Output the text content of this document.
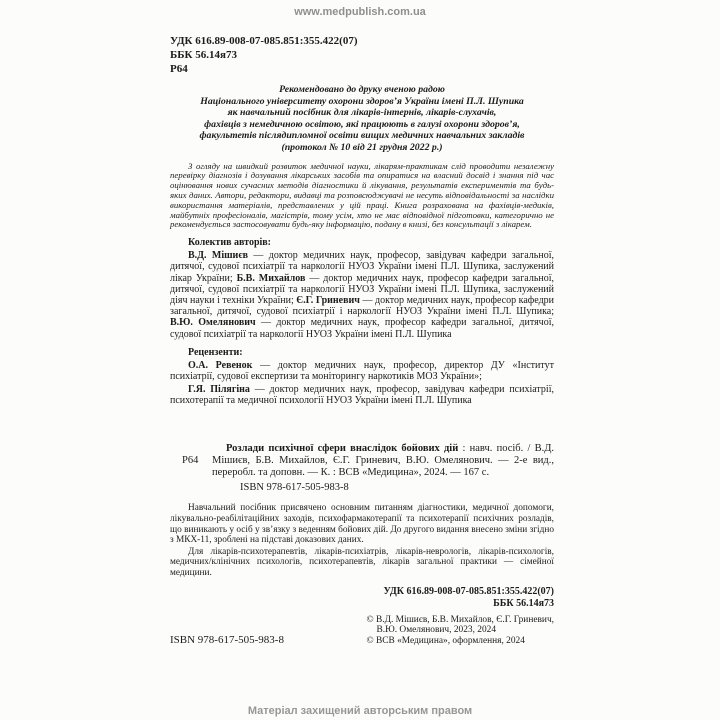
www.medpublish.com.ua
УДК 616.89-008-07-085.851:355.422(07)
ББК 56.14я73
Р64
Рекомендовано до друку вченою радою
Національного університету охорони здоров’я України імені П.Л. Шупика
як навчальний посібник для лікарів-інтернів, лікарів-слухачів,
фахівців з немедичною освітою, які працюють в галузі охорони здоров’я,
факультетів післядипломної освіти вищих медичних навчальних закладів
(протокол № 10 від 21 грудня 2022 р.)
З огляду на швидкий розвиток медичної науки, лікарям-практикам слід проводити незалежну перевірку діагнозів і дозування лікарських засобів та опиратися на власний досвід і знання під час оцінювання нових сучасних методів діагностики й лікування, результатів експериментів та будь-яких даних. Автори, редактори, видавці та розповсюджувачі не несуть відповідальності за наслідки використання матеріалів, представлених у цій праці. Книга розрахована на фахівців-медиків, майбутніх професіоналів, магістрів, тому усім, хто не має відповідної підготовки, категорично не рекомендується застосовувати будь-яку інформацію, подану в книзі, без консультації з лікарем.
Колектив авторів:
В.Д. Мішиєв — доктор медичних наук, професор, завідувач кафедри загальної, дитячої, судової психіатрії та наркології НУОЗ України імені П.Л. Шупика, заслужений лікар України; Б.В. Михайлов — доктор медичних наук, професор кафедри загальної, дитячої, судової психіатрії та наркології НУОЗ України імені П.Л. Шупика, заслужений діяч науки і техніки України; Є.Г. Гриневич — доктор медичних наук, професор кафедри загальної, дитячої, судової психіатрії і наркології НУОЗ України імені П.Л. Шупика; В.Ю. Омелянович — доктор медичних наук, професор кафедри загальної, дитячої, судової психіатрії та наркології НУОЗ України імені П.Л. Шупика
Рецензенти:
О.А. Ревенок — доктор медичних наук, професор, директор ДУ «Інститут психіатрії, судової експертизи та моніторингу наркотиків МОЗ України»;
Г.Я. Пілягіна — доктор медичних наук, професор, завідувач кафедри психіатрії, психотерапії та медичної психології НУОЗ України імені П.Л. Шупика
Р64
Розлади психічної сфери внаслідок бойових дій : навч. посіб. / В.Д. Мішиєв, Б.В. Михайлов, Є.Г. Гриневич, В.Ю. Омелянович. — 2-е вид., переробл. та доповн. — К. : ВСВ «Медицина», 2024. — 167 с.
ISBN 978-617-505-983-8
Навчальний посібник присвячено основним питанням діагностики, медичної допомоги, лікувально-реабілітаційних заходів, психофармакотерапії та психотерапії психічних розладів, що виникають у осіб у зв’язку з веденням бойових дій. До другого видання внесено зміни згідно з МКХ-11, зроблені на підставі доказових даних.
Для лікарів-психотерапевтів, лікарів-психіатрів, лікарів-неврологів, лікарів-психологів, медичних/клінічних психологів, психотерапевтів, лікарів загальної практики — сімейної медицини.
УДК 616.89-008-07-085.851:355.422(07)
ББК 56.14я73
ISBN 978-617-505-983-8
© В.Д. Мішиєв, Б.В. Михайлов, Є.Г. Гриневич,
В.Ю. Омелянович, 2023, 2024
© ВСВ «Медицина», оформлення, 2024
Матеріал захищений авторським правом
